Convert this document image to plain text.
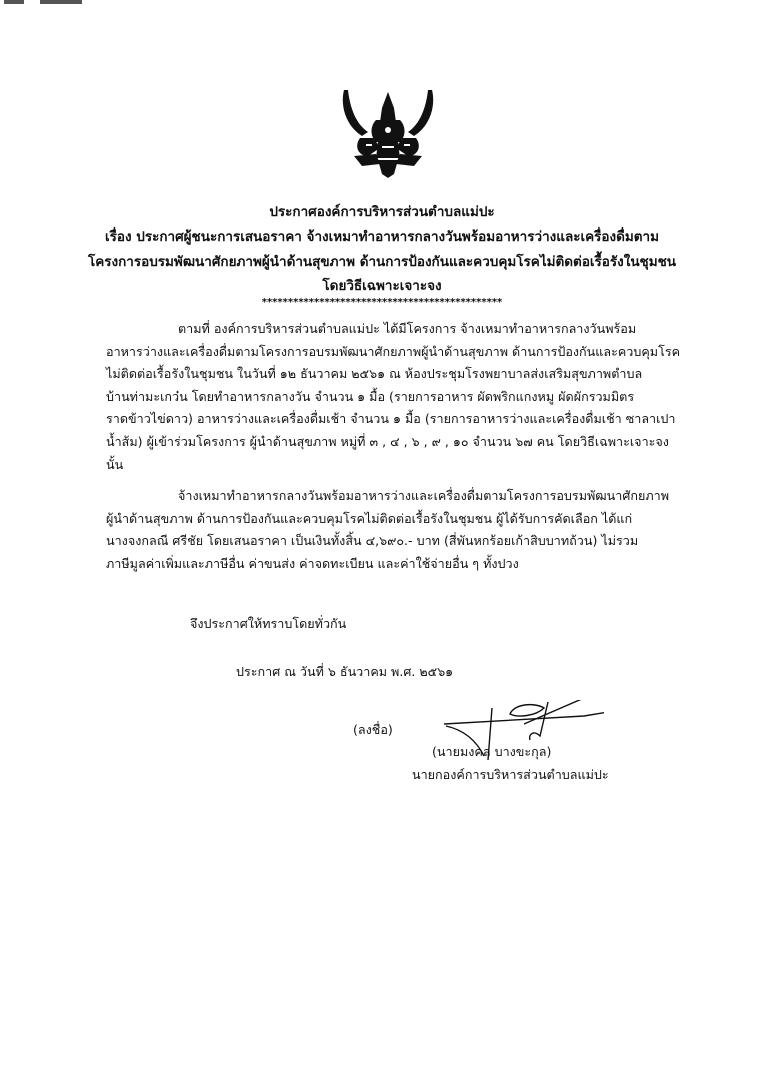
ประกาศองค์การบริหารส่วนตำบลแม่ปะ
เรื่อง ประกาศผู้ชนะการเสนอราคา จ้างเหมาทำอาหารกลางวันพร้อมอาหารว่างและเครื่องดื่มตาม
โครงการอบรมพัฒนาศักยภาพผู้นำด้านสุขภาพ ด้านการป้องกันและควบคุมโรคไม่ติดต่อเรื้อรังในชุมชน
โดยวิธีเฉพาะเจาะจง
**********************************************
ตามที่ องค์การบริหารส่วนตำบลแม่ปะ ได้มีโครงการ จ้างเหมาทำอาหารกลางวันพร้อม
อาหารว่างและเครื่องดื่มตามโครงการอบรมพัฒนาศักยภาพผู้นำด้านสุขภาพ ด้านการป้องกันและควบคุมโรค
ไม่ติดต่อเรื้อรังในชุมชน ในวันที่ ๑๒ ธันวาคม ๒๕๖๑ ณ ห้องประชุมโรงพยาบาลส่งเสริมสุขภาพตำบล
บ้านท่ามะเกว๋น โดยทำอาหารกลางวัน จำนวน ๑ มื้อ (รายการอาหาร ผัดพริกแกงหมู ผัดผักรวมมิตร
ราดข้าวไข่ดาว) อาหารว่างและเครื่องดื่มเช้า จำนวน ๑ มื้อ (รายการอาหารว่างและเครื่องดื่มเช้า ซาลาเปา
น้ำส้ม) ผู้เข้าร่วมโครงการ ผู้นำด้านสุขภาพ หมู่ที่ ๓ , ๔ , ๖ , ๙ , ๑๐ จำนวน ๖๗ คน โดยวิธีเฉพาะเจาะจง
นั้น
จ้างเหมาทำอาหารกลางวันพร้อมอาหารว่างและเครื่องดื่มตามโครงการอบรมพัฒนาศักยภาพ
ผู้นำด้านสุขภาพ ด้านการป้องกันและควบคุมโรคไม่ติดต่อเรื้อรังในชุมชน ผู้ได้รับการคัดเลือก ได้แก่
นางจงกลณี ศรีชัย โดยเสนอราคา เป็นเงินทั้งสิ้น ๔,๖๙๐.- บาท (สี่พันหกร้อยเก้าสิบบาทถ้วน) ไม่รวม
ภาษีมูลค่าเพิ่มและภาษีอื่น ค่าขนส่ง ค่าจดทะเบียน และค่าใช้จ่ายอื่น ๆ ทั้งปวง
จึงประกาศให้ทราบโดยทั่วกัน
ประกาศ ณ วันที่ ๖ ธันวาคม พ.ศ. ๒๕๖๑
(ลงชื่อ)
(นายมงคล บางขะกุล)
นายกองค์การบริหารส่วนตำบลแม่ปะ
